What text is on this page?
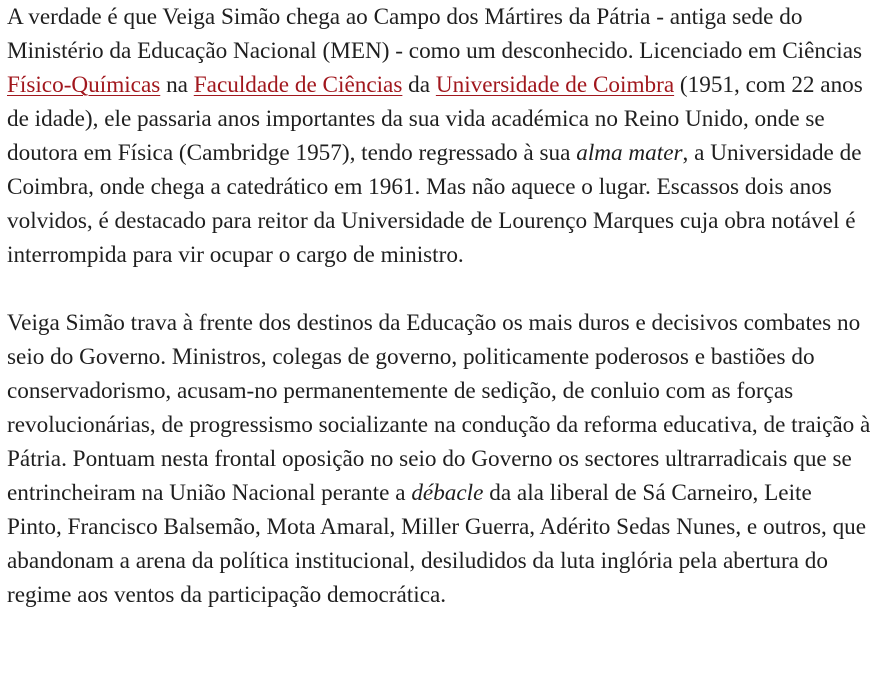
A verdade é que Veiga Simão chega ao Campo dos Mártires da Pátria - antiga sede do Ministério da Educação Nacional (MEN) - como um desconhecido. Licenciado em Ciências Físico-Químicas na Faculdade de Ciências da Universidade de Coimbra (1951, com 22 anos de idade), ele passaria anos importantes da sua vida académica no Reino Unido, onde se doutora em Física (Cambridge 1957), tendo regressado à sua alma mater, a Universidade de Coimbra, onde chega a catedrático em 1961. Mas não aquece o lugar. Escassos dois anos volvidos, é destacado para reitor da Universidade de Lourenço Marques cuja obra notável é interrompida para vir ocupar o cargo de ministro.

Veiga Simão trava à frente dos destinos da Educação os mais duros e decisivos combates no seio do Governo. Ministros, colegas de governo, politicamente poderosos e bastiões do conservadorismo, acusam-no permanentemente de sedição, de conluio com as forças revolucionárias, de progressismo socializante na condução da reforma educativa, de traição à Pátria. Pontuam nesta frontal oposição no seio do Governo os sectores ultrarradicais que se entrincheiram na União Nacional perante a débacle da ala liberal de Sá Carneiro, Leite Pinto, Francisco Balsemão, Mota Amaral, Miller Guerra, Adérito Sedas Nunes, e outros, que abandonam a arena da política institucional, desiludidos da luta inglória pela abertura do regime aos ventos da participação democrática.
